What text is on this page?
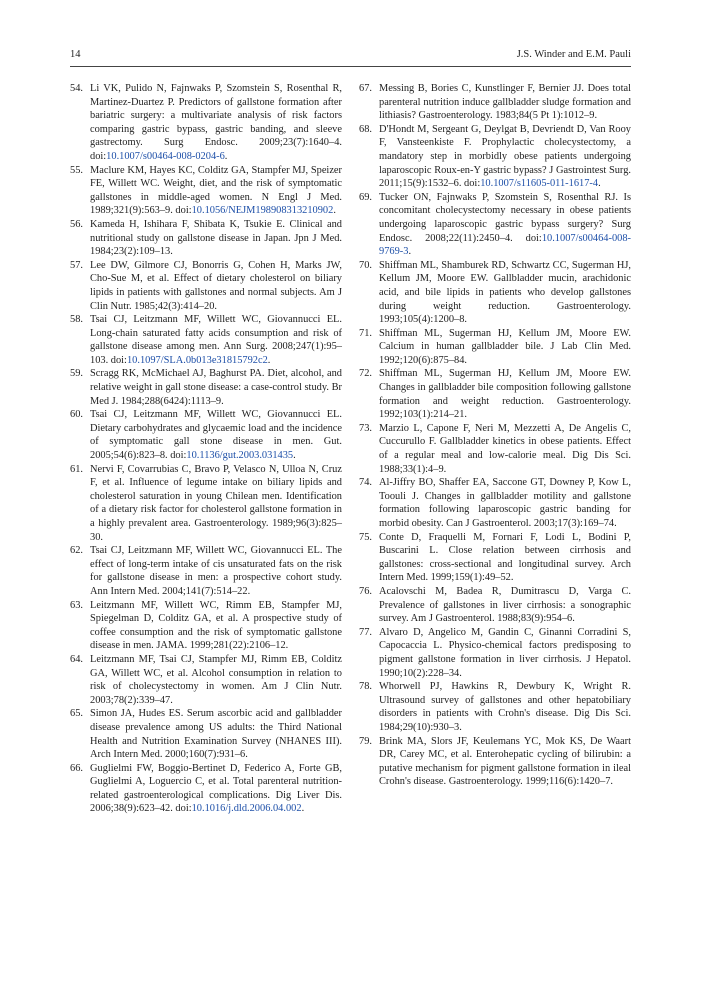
14	J.S. Winder and E.M. Pauli

54. Li VK, Pulido N, Fajnwaks P, Szomstein S, Rosenthal R, Martinez-Duartez P. Predictors of gallstone formation after bariatric surgery: a multivariate analysis of risk factors comparing gastric bypass, gastric banding, and sleeve gastrectomy. Surg Endosc. 2009;23(7):1640–4. doi:10.1007/s00464-008-0204-6.

55. Maclure KM, Hayes KC, Colditz GA, Stampfer MJ, Speizer FE, Willett WC. Weight, diet, and the risk of symptomatic gallstones in middle-aged women. N Engl J Med. 1989;321(9):563–9. doi:10.1056/NEJM198908313210902.

56. Kameda H, Ishihara F, Shibata K, Tsukie E. Clinical and nutritional study on gallstone disease in Japan. Jpn J Med. 1984;23(2):109–13.

57. Lee DW, Gilmore CJ, Bonorris G, Cohen H, Marks JW, Cho-Sue M, et al. Effect of dietary cholesterol on biliary lipids in patients with gallstones and normal subjects. Am J Clin Nutr. 1985;42(3):414–20.

58. Tsai CJ, Leitzmann MF, Willett WC, Giovannucci EL. Long-chain saturated fatty acids consumption and risk of gallstone disease among men. Ann Surg. 2008;247(1):95–103. doi:10.1097/SLA.0b013e31815792c2.

59. Scragg RK, McMichael AJ, Baghurst PA. Diet, alcohol, and relative weight in gall stone disease: a case-control study. Br Med J. 1984;288(6424):1113–9.

60. Tsai CJ, Leitzmann MF, Willett WC, Giovannucci EL. Dietary carbohydrates and glycaemic load and the incidence of symptomatic gall stone disease in men. Gut. 2005;54(6):823–8. doi:10.1136/gut.2003.031435.

61. Nervi F, Covarrubias C, Bravo P, Velasco N, Ulloa N, Cruz F, et al. Influence of legume intake on biliary lipids and cholesterol saturation in young Chilean men. Identification of a dietary risk factor for cholesterol gallstone formation in a highly prevalent area. Gastroenterology. 1989;96(3):825–30.

62. Tsai CJ, Leitzmann MF, Willett WC, Giovannucci EL. The effect of long-term intake of cis unsaturated fats on the risk for gallstone disease in men: a prospective cohort study. Ann Intern Med. 2004;141(7):514–22.

63. Leitzmann MF, Willett WC, Rimm EB, Stampfer MJ, Spiegelman D, Colditz GA, et al. A prospective study of coffee consumption and the risk of symptomatic gallstone disease in men. JAMA. 1999;281(22):2106–12.

64. Leitzmann MF, Tsai CJ, Stampfer MJ, Rimm EB, Colditz GA, Willett WC, et al. Alcohol consumption in relation to risk of cholecystectomy in women. Am J Clin Nutr. 2003;78(2):339–47.

65. Simon JA, Hudes ES. Serum ascorbic acid and gallbladder disease prevalence among US adults: the Third National Health and Nutrition Examination Survey (NHANES III). Arch Intern Med. 2000;160(7):931–6.

66. Guglielmi FW, Boggio-Bertinet D, Federico A, Forte GB, Guglielmi A, Loguercio C, et al. Total parenteral nutrition-related gastroenterological complications. Dig Liver Dis. 2006;38(9):623–42. doi:10.1016/j.dld.2006.04.002.

67. Messing B, Bories C, Kunstlinger F, Bernier JJ. Does total parenteral nutrition induce gallbladder sludge formation and lithiasis? Gastroenterology. 1983;84(5 Pt 1):1012–9.

68. D'Hondt M, Sergeant G, Deylgat B, Devriendt D, Van Rooy F, Vansteenkiste F. Prophylactic cholecystectomy, a mandatory step in morbidly obese patients undergoing laparoscopic Roux-en-Y gastric bypass? J Gastrointest Surg. 2011;15(9):1532–6. doi:10.1007/s11605-011-1617-4.

69. Tucker ON, Fajnwaks P, Szomstein S, Rosenthal RJ. Is concomitant cholecystectomy necessary in obese patients undergoing laparoscopic gastric bypass surgery? Surg Endosc. 2008;22(11):2450–4. doi:10.1007/s00464-008-9769-3.

70. Shiffman ML, Shamburek RD, Schwartz CC, Sugerman HJ, Kellum JM, Moore EW. Gallbladder mucin, arachidonic acid, and bile lipids in patients who develop gallstones during weight reduction. Gastroenterology. 1993;105(4):1200–8.

71. Shiffman ML, Sugerman HJ, Kellum JM, Moore EW. Calcium in human gallbladder bile. J Lab Clin Med. 1992;120(6):875–84.

72. Shiffman ML, Sugerman HJ, Kellum JM, Moore EW. Changes in gallbladder bile composition following gallstone formation and weight reduction. Gastroenterology. 1992;103(1):214–21.

73. Marzio L, Capone F, Neri M, Mezzetti A, De Angelis C, Cuccurullo F. Gallbladder kinetics in obese patients. Effect of a regular meal and low-calorie meal. Dig Dis Sci. 1988;33(1):4–9.

74. Al-Jiffry BO, Shaffer EA, Saccone GT, Downey P, Kow L, Toouli J. Changes in gallbladder motility and gallstone formation following laparoscopic gastric banding for morbid obesity. Can J Gastroenterol. 2003;17(3):169–74.

75. Conte D, Fraquelli M, Fornari F, Lodi L, Bodini P, Buscarini L. Close relation between cirrhosis and gallstones: cross-sectional and longitudinal survey. Arch Intern Med. 1999;159(1):49–52.

76. Acalovschi M, Badea R, Dumitrascu D, Varga C. Prevalence of gallstones in liver cirrhosis: a sonographic survey. Am J Gastroenterol. 1988;83(9):954–6.

77. Alvaro D, Angelico M, Gandin C, Ginanni Corradini S, Capocaccia L. Physico-chemical factors predisposing to pigment gallstone formation in liver cirrhosis. J Hepatol. 1990;10(2):228–34.

78. Whorwell PJ, Hawkins R, Dewbury K, Wright R. Ultrasound survey of gallstones and other hepatobiliary disorders in patients with Crohn's disease. Dig Dis Sci. 1984;29(10):930–3.

79. Brink MA, Slors JF, Keulemans YC, Mok KS, De Waart DR, Carey MC, et al. Enterohepatic cycling of bilirubin: a putative mechanism for pigment gallstone formation in ileal Crohn's disease. Gastroenterology. 1999;116(6):1420–7.
